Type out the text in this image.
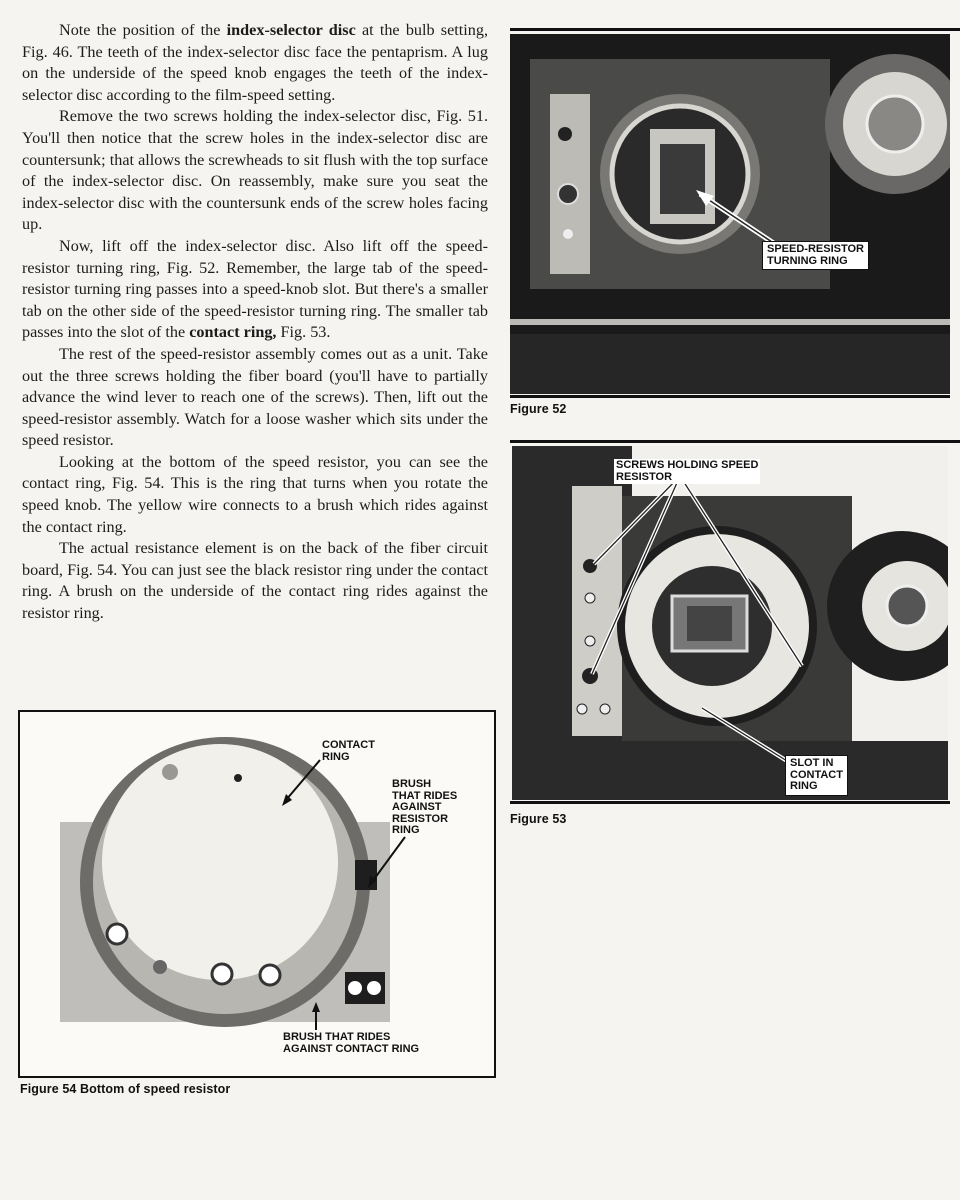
Note the position of the index-selector disc at the bulb setting, Fig. 46. The teeth of the index-selector disc face the pentaprism. A lug on the underside of the speed knob engages the teeth of the index-selector disc according to the film-speed setting.

Remove the two screws holding the index-selector disc, Fig. 51. You'll then notice that the screw holes in the index-selector disc are countersunk; that allows the screwheads to sit flush with the top surface of the index-selector disc. On reassembly, make sure you seat the index-selector disc with the countersunk ends of the screw holes facing up.

Now, lift off the index-selector disc. Also lift off the speed-resistor turning ring, Fig. 52. Remember, the large tab of the speed-resistor turning ring passes into a speed-knob slot. But there's a smaller tab on the other side of the speed-resistor turning ring. The smaller tab passes into the slot of the contact ring, Fig. 53.

The rest of the speed-resistor assembly comes out as a unit. Take out the three screws holding the fiber board (you'll have to partially advance the wind lever to reach one of the screws). Then, lift out the speed-resistor assembly. Watch for a loose washer which sits under the speed resistor.

Looking at the bottom of the speed resistor, you can see the contact ring, Fig. 54. This is the ring that turns when you rotate the speed knob. The yellow wire connects to a brush which rides against the contact ring.

The actual resistance element is on the back of the fiber circuit board, Fig. 54. You can just see the black resistor ring under the contact ring. A brush on the underside of the contact ring rides against the resistor ring.

SPEED-RESISTOR
TURNING RING
Figure 52
SCREWS HOLDING SPEED
RESISTOR
SLOT IN
CONTACT
RING
Figure 53
CONTACT
RING
BRUSH
THAT RIDES
AGAINST
RESISTOR
RING
BRUSH THAT RIDES
AGAINST CONTACT RING
Figure 54 Bottom of speed resistor
